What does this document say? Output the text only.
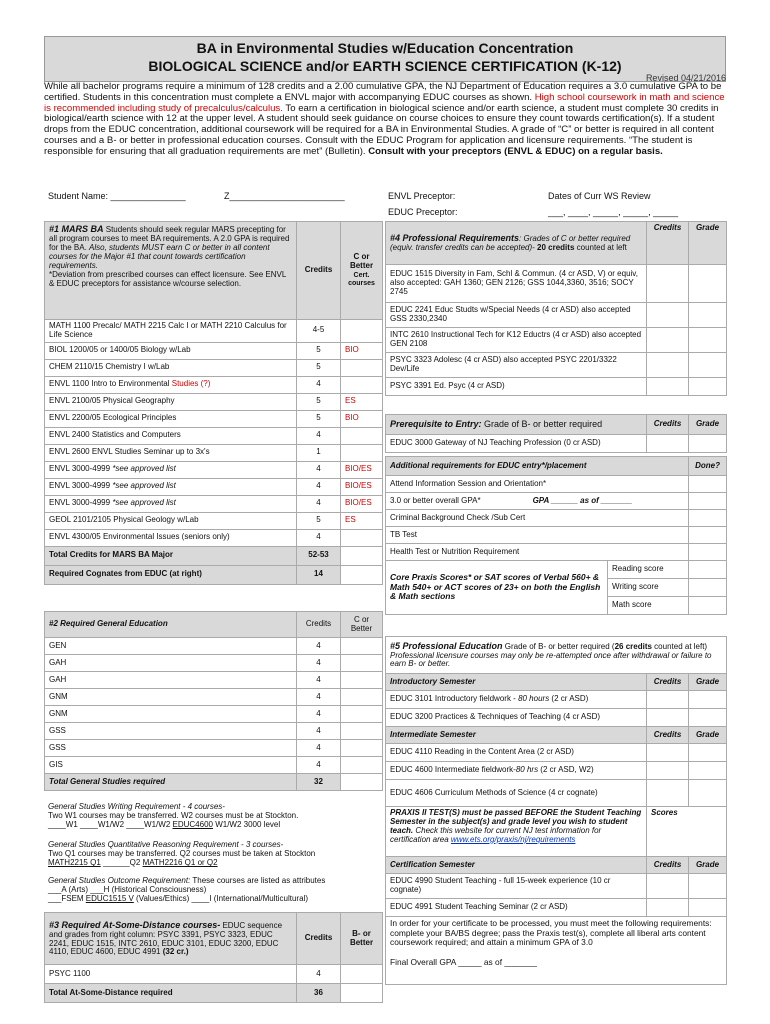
BA in Environmental Studies w/Education Concentration
BIOLOGICAL SCIENCE and/or EARTH SCIENCE CERTIFICATION (K-12)
Revised 04/21/2016
While all bachelor programs require a minimum of 128 credits and a 2.00 cumulative GPA, the NJ Department of Education requires a 3.0 cumulative GPA to be certified. Students in this concentration must complete a ENVL major with accompanying EDUC courses as shown. High school coursework in math and science is recommended including study of precalculus/calculus. To earn a certification in biological science and/or earth science, a student must complete 30 credits in biological/earth science with 12 at the upper level. A student should seek guidance on course choices to ensure they count towards certification(s). If a student drops from the EDUC concentration, additional coursework will be required for a BA in Environmental Studies. A grade of “C” or better is required in all content courses and a B- or better in professional education courses. Consult with the EDUC Program for application and licensure requirements. “The student is responsible for ensuring that all graduation requirements are met” (Bulletin). Consult with your preceptors (ENVL & EDUC) on a regular basis.
Student Name: _______________	Z_______________________	ENVL Preceptor:
EDUC Preceptor:
Dates of Curr WS Review
___, ____, _____, _____, _____
#1 MARS BA Students should seek regular MARS precepting for all program courses to meet BA requirements. A 2.0 GPA is required for the BA. Also, students MUST earn C or better in all content courses for the Major #1 that count towards certification requirements.
*Deviation from prescribed courses can effect licensure. See ENVL & EDUC preceptors for assistance w/course selection.	Credits	C or Better
Cert. courses
MATH 1100 Precalc/ MATH 2215 Calc I or MATH 2210 Calculus for Life Science	4-5	
BIOL 1200/05 or 1400/05 Biology w/Lab	5	BIO
CHEM 2110/15 Chemistry I w/Lab	5	
ENVL 1100 Intro to Environmental Studies (?)	4	
ENVL 2100/05 Physical Geography	5	ES
ENVL 2200/05 Ecological Principles	5	BIO
ENVL 2400 Statistics and Computers	4	
ENVL 2600 ENVL Studies Seminar up to 3x's	1	
ENVL 3000-4999 *see approved list	4	BIO/ES
ENVL 3000-4999 *see approved list	4	BIO/ES
ENVL 3000-4999 *see approved list	4	BIO/ES
GEOL 2101/2105 Physical Geology w/Lab	5	ES
ENVL 4300/05 Environmental Issues (seniors only)	4	
Total Credits for MARS BA Major	52-53	
Required Cognates from EDUC (at right)	14	
#2 Required General Education	Credits	C or Better
GEN	4	
GAH	4	
GAH	4	
GNM	4	
GNM	4	
GSS	4	
GSS	4	
GIS	4	
Total General Studies required	32	
General Studies Writing Requirement - 4 courses-
Two W1 courses may be transferred. W2 courses must be at Stockton.
____W1 ____W1/W2 ____W1/W2 EDUC4600 W1/W2 3000 level
General Studies Quantitative Reasoning Requirement - 3 courses-
Two Q1 courses may be transferred. Q2 courses must be taken at Stockton
MATH2215 Q1 ______Q2 MATH2216 Q1 or Q2
General Studies Outcome Requirement: These courses are listed as attributes
___A (Arts) ___H (Historical Consciousness)
___FSEM EDUC1515 V (Values/Ethics) ____I (International/Multicultural)
#3 Required At-Some-Distance courses- EDUC sequence and grades from right column: PSYC 3391, PSYC 3323, EDUC 2241, EDUC 1515, INTC 2610, EDUC 3101, EDUC 3200, EDUC 4110, EDUC 4600, EDUC 4991 (32 cr.)	Credits	B- or Better
PSYC 1100	4	
Total At-Some-Distance required	36	
#4 Professional Requirements: Grades of C or better required (equiv. transfer credits can be accepted)- 20 credits counted at left	Credits	Grade
EDUC 1515 Diversity in Fam, Schl & Commun. (4 cr ASD, V) or equiv, also accepted: GAH 1360; GEN 2126; GSS 1044,3360, 3516; SOCY 2745		
EDUC 2241 Educ Studts w/Special Needs (4 cr ASD) also accepted GSS 2330,2340		
INTC 2610 Instructional Tech for K12 Eductrs (4 cr ASD) also accepted GEN 2108		
PSYC 3323 Adolesc (4 cr ASD) also accepted PSYC 2201/3322 Dev/Life		
PSYC 3391 Ed. Psyc (4 cr ASD)		
Prerequisite to Entry: Grade of B- or better required	Credits	Grade
EDUC 3000 Gateway of NJ Teaching Profession (0 cr ASD)		
Additional requirements for EDUC entry*/placement		Done?
Attend Information Session and Orientation*		
3.0 or better overall GPA* GPA ______ as of _______		
Criminal Background Check /Sub Cert		
TB Test		
Health Test or Nutrition Requirement		
Core Praxis Scores* or SAT scores of Verbal 560+ & Math 540+ or ACT scores of 23+ on both the English & Math sections	Reading score	
	Writing score	
	Math score	
#5 Professional Education Grade of B- or better required (26 credits counted at left) Professional licensure courses may only be re-attempted once after withdrawal or failure to earn B- or better.		
Introductory Semester	Credits	Grade
EDUC 3101 Introductory fieldwork - 80 hours (2 cr ASD)		
EDUC 3200 Practices & Techniques of Teaching (4 cr ASD)		
Intermediate Semester	Credits	Grade
EDUC 4110 Reading in the Content Area (2 cr ASD)		
EDUC 4600 Intermediate fieldwork-80 hrs (2 cr ASD, W2)		
EDUC 4606 Curriculum Methods of Science (4 cr cognate)		
PRAXIS II TEST(S) must be passed BEFORE the Student Teaching Semester in the subject(s) and grade level you wish to student teach. Check this website for current NJ test information for certification area www.ets.org/praxis/nj/requirements	Scores	
Certification Semester	Credits	Grade
EDUC 4990 Student Teaching - full 15-week experience (10 cr cognate)		
EDUC 4991 Student Teaching Seminar (2 cr ASD)		
In order for your certificate to be processed, you must meet the following requirements: complete your BA/BS degree; pass the Praxis test(s), complete all liberal arts content coursework required; and attain a minimum GPA of 3.0

Final Overall GPA _____ as of _______		
